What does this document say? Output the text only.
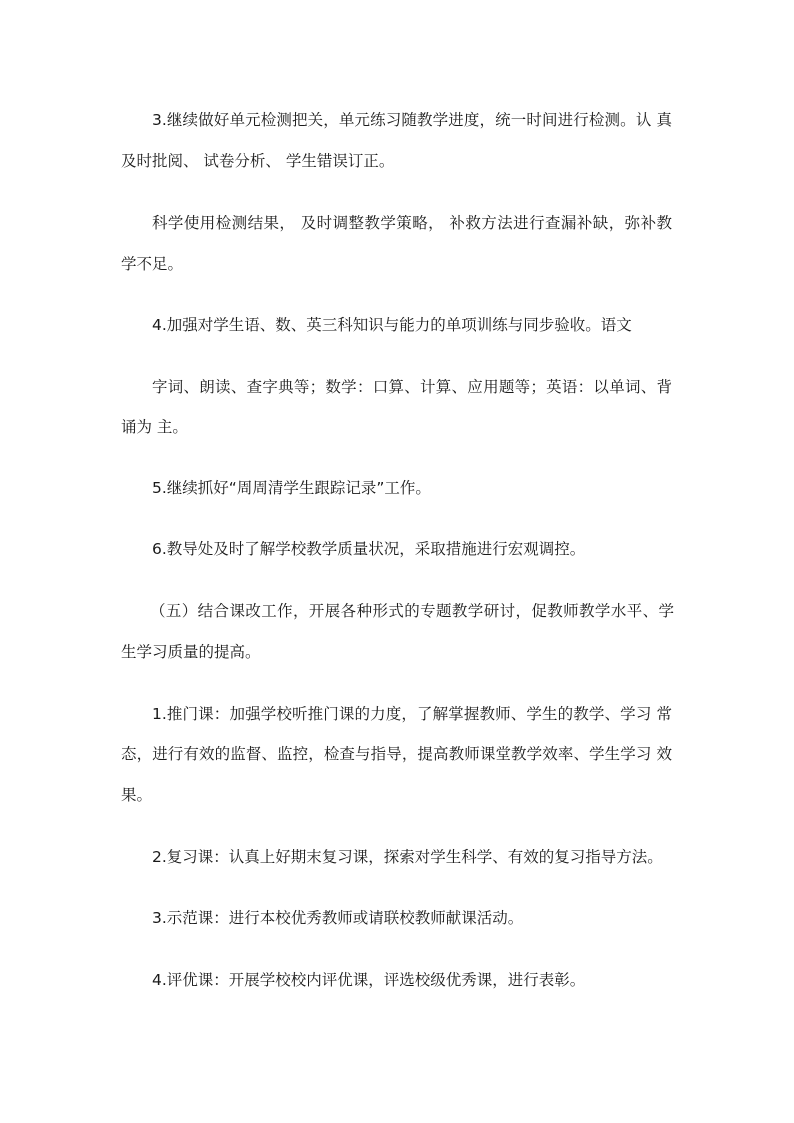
3.继续做好单元检测把关，单元练习随教学进度，统一时间进行检测。认 真

及时批阅、 试卷分析、 学生错误订正。

科学使用检测结果， 及时调整教学策略， 补救方法进行查漏补缺，弥补教

学不足。

4.加强对学生语、数、英三科知识与能力的单项训练与同步验收。语文

字词、朗读、查字典等；数学：口算、计算、应用题等；英语：以单词、背

诵为 主。

5.继续抓好“周周清学生跟踪记录”工作。

6.教导处及时了解学校教学质量状况，采取措施进行宏观调控。

（五）结合课改工作，开展各种形式的专题教学研讨，促教师教学水平、学

生学习质量的提高。

1.推门课：加强学校听推门课的力度，了解掌握教师、学生的教学、学习 常

态，进行有效的监督、监控，检查与指导，提高教师课堂教学效率、学生学习 效

果。

2.复习课：认真上好期末复习课，探索对学生科学、有效的复习指导方法。

3.示范课：进行本校优秀教师或请联校教师献课活动。

4.评优课：开展学校校内评优课，评选校级优秀课，进行表彰。
